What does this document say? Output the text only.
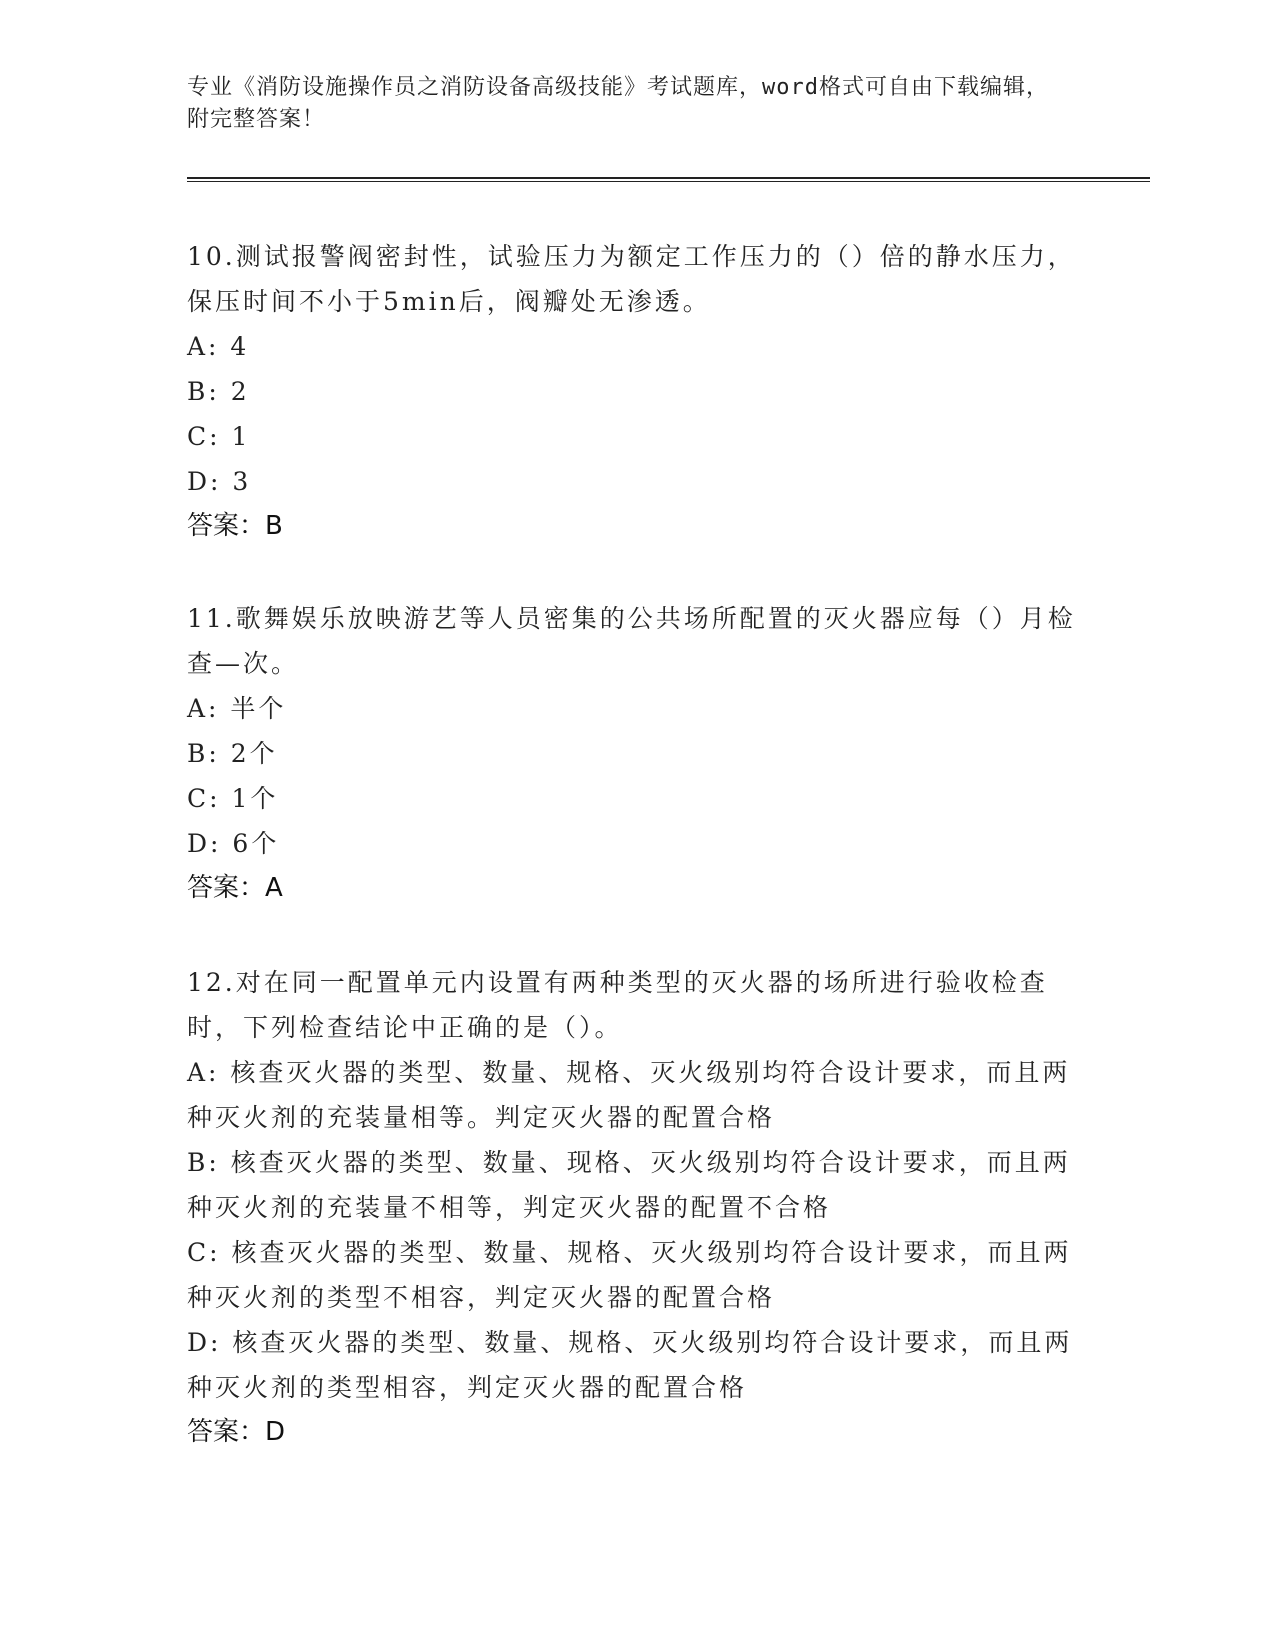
专业《消防设施操作员之消防设备高级技能》考试题库，word格式可自由下载编辑，附完整答案！

10.测试报警阀密封性，试验压力为额定工作压力的（）倍的静水压力，保压时间不小于5min后，阀瓣处无渗透。

A: 4

B: 2

C: 1

D: 3

答案：B

11.歌舞娱乐放映游艺等人员密集的公共场所配置的灭火器应每（）月检查—次。

A: 半个

B: 2个

C: 1个

D: 6个

答案：A

12.对在同一配置单元内设置有两种类型的灭火器的场所进行验收检查时，下列检查结论中正确的是（）。

A: 核查灭火器的类型、数量、规格、灭火级别均符合设计要求，而且两种灭火剂的充装量相等。判定灭火器的配置合格

B: 核查灭火器的类型、数量、现格、灭火级别均符合设计要求，而且两种灭火剂的充装量不相等，判定灭火器的配置不合格

C: 核查灭火器的类型、数量、规格、灭火级别均符合设计要求，而且两种灭火剂的类型不相容，判定灭火器的配置合格

D: 核查灭火器的类型、数量、规格、灭火级别均符合设计要求，而且两种灭火剂的类型相容，判定灭火器的配置合格

答案：D
